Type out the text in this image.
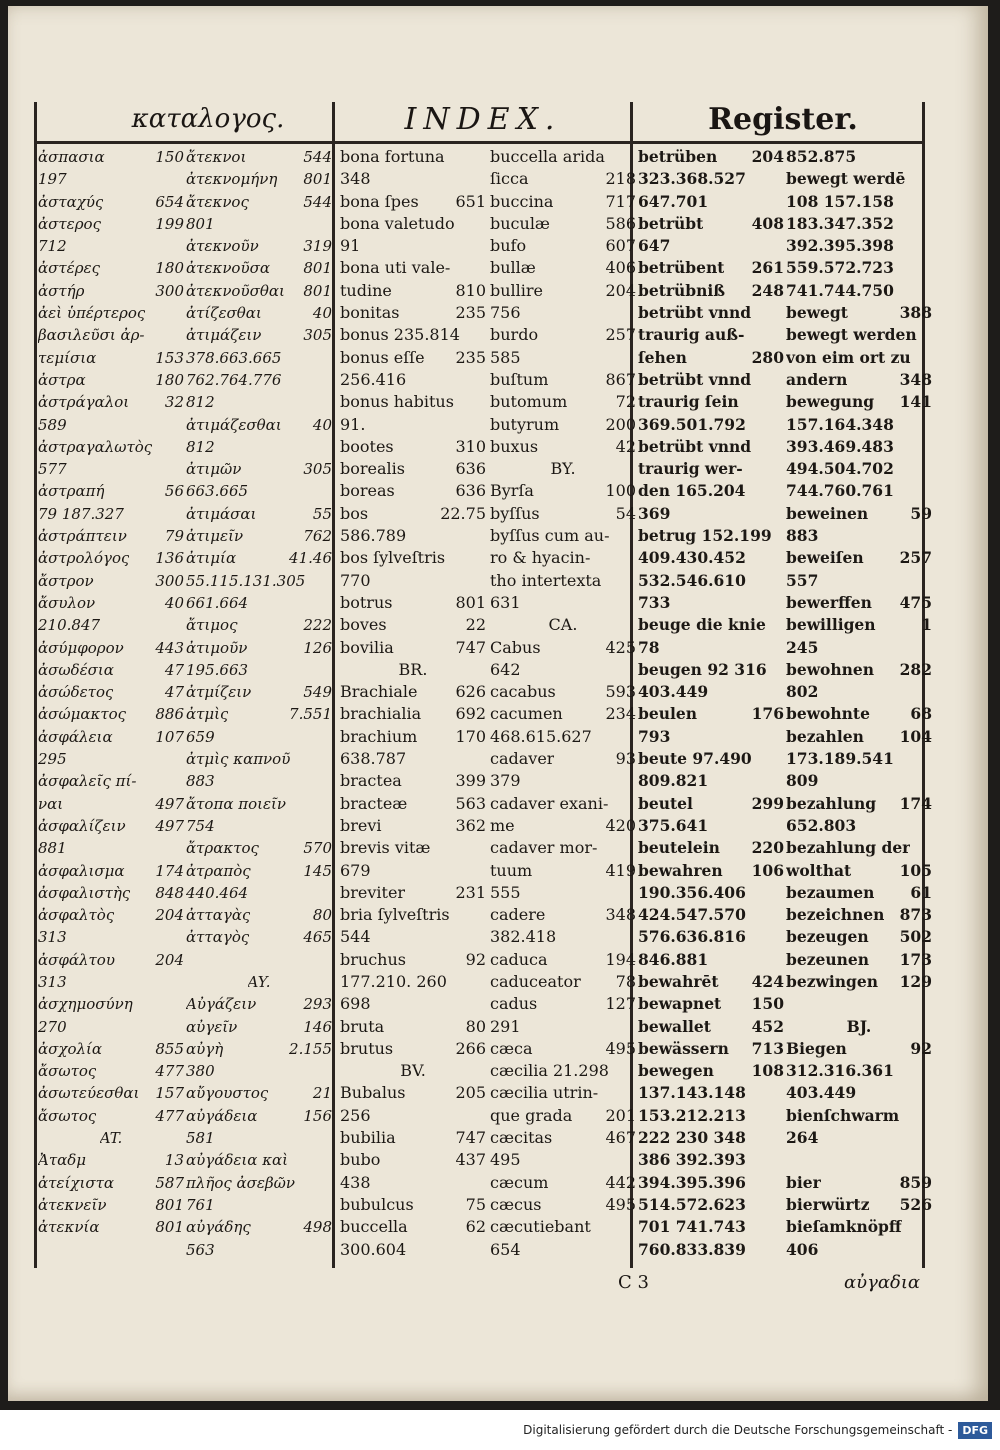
καταλογος.	INDEX.	Register.
ἀσπασια	150
197
ἀσταχύς	654
ἀστερος	199
712
ἀστέρες	180
ἀστήρ	300
ἀεὶ ὑπέρτερος
βασιλεῦσι ἀρ-
τεμίσια	153
ἀστρα	180
ἀστράγαλοι 32
589
ἀστραγαλωτὸς
577
ἀστραπή	56
79 187.327
ἀστράπτειν	79
ἀστρολόγος 136
ἄστρον	300
ἄσυλον	40
210.847
ἀσύμφορον 443
ἀσωδέσια	47
ἀσώδετος	47
ἀσώμακτος 886
ἀσφάλεια	107
295
ἀσφαλεῖς πί-
ναι	497
ἀσφαλίζειν 497
881
ἀσφαλισμα 174
ἀσφαλιστὴς 848
ἀσφαλτὸς	204
313
ἀσφάλτου	204
313
ἀσχημοσύνη
270
ἀσχολία	855
ἄσωτος	477
ἀσωτεύεσθαι 157
ἄσωτος	477
AT.
Ἀταδμ	13
ἀτείχιστα	587
ἀτεκνεῖν	801
ἀτεκνία	801
ἄτεκνοι	544
ἀτεκνομήνη 801
ἄτεκνος	544
801
ἀτεκνοῦν	319
ἀτεκνοῦσα 801
ἀτεκνοῦσθαι 801
ἀτίζεσθαι	40
ἀτιμάζειν	305
378.663.665
762.764.776
812
ἀτιμάζεσθαι 40
812
ἀτιμῶν	305
663.665
ἀτιμάσαι	55
ἀτιμεῖν	762
ἀτιμία	41.46
55.115.131.305
661.664
ἄτιμος	222
ἀτιμοῦν	126
195.663
ἀτμίζειν	549
ἀτμὶς	7.551
659
ἀτμὶς καπνοῦ
883
ἄτοπα ποιεῖν
754
ἄτρακτος	570
ἀτραπὸς	145
440.464
ἀτταγὰς	80
ἀτταγὸς	465
AY.
Αὐγάζειν	293
αὐγεῖν	146
αὐγὴ	2.155
380
αὔγουστος	21
αὐγάδεια	156
581
αὐγάδεια καὶ
πλῆος ἀσεβῶν
761
αὐγάδης	498
563
bona fortuna
348
bona ſpes 651
bona valetudo
91
bona uti vale-
tudine	810
bonitas	235
bonus 235.814
bonus eſſe 235
256.416
bonus habitus
91.
bootes	310
borealis	636
boreas	636
bos	22.75
586.789
bos ſylveſtris
770
botrus	801
boves	22
bovilia	747
BR.
Brachiale 626
brachialia 692
brachium 170
638.787
bractea	399
bracteæ	563
brevi	362
brevis vitæ
679
breviter	231
bria ſylveſtris
544
bruchus	92
177.210. 260
698
bruta	80
brutus	266
BV.
Bubalus	205
256
bubilia	747
bubo	437
438
bubulcus	75
buccella	62
300.604
buccella arida
ſicca	218
buccina	717
buculæ	586
bufo	607
bullæ	406
bullire	204
756
burdo	257
585
buſtum	867
butomum	72
butyrum	200
buxus	42
BY.
Byrſa	100
byſſus	54
byſſus cum au-
ro & hyacin-
tho intertexta
631
CA.
Cabus	425
642
cacabus	593
cacumen	234
468.615.627
cadaver	93
379
cadaver exani-
me	420
cadaver mor-
tuum	419
555
cadere	348
382.418
caduca	194
caduceator 78
cadus	127
291
cæca	495
cæcilia 21.298
cæcilia utrin-
que grada 201
cæcitas	467
495
cæcum	442
cæcus	495
cæcutiebant
654
betrüben 204
323.368.527
647.701
betrübt	408
647
betrübent 261
betrübniß 248
betrübt vnnd
traurig auß-
ſehen	280
betrübt vnnd
traurig ſein
369.501.792
betrübt vnnd
traurig wer-
den 165.204
369
betrug 152.199
409.430.452
532.546.610
733
beuge die knie
78
beugen 92 316
403.449
beulen	176
793
beute 97.490
809.821
beutel	299
375.641
beutelein 220
bewahren 106
190.356.406
424.547.570
576.636.816
846.881
bewahrēt 424
bewapnet 150
bewallet	452
bewässern 713
bewegen 108
137.143.148
153.212.213
222 230 348
386 392.393
394.395.396
514.572.623
701 741.743
760.833.839
852.875
bewegt werdē
108 157.158
183.347.352
392.395.398
559.572.723
741.744.750
bewegt	388
bewegt werden
von eim ort zu
andern	348
bewegung 141
157.164.348
393.469.483
494.504.702
744.760.761
beweinen	59
883
beweiſen 257
557
bewerffen 475
bewilligen	1
245
bewohnen 282
802
bewohnte	68
bezahlen 104
173.189.541
809
bezahlung 174
652.803
bezahlung der
wolthat	105
bezaumen 61
bezeichnen 873
bezeugen 502
bezeunen 173
bezwingen 129
BJ.
Biegen	92
312.316.361
403.449
bienſchwarm
264
bier	859
bierwürtz 526
bieſamknöpff
406
C 3	αὐγαδια
Digitalisierung gefördert durch die Deutsche Forschungsgemeinschaft - DFG
